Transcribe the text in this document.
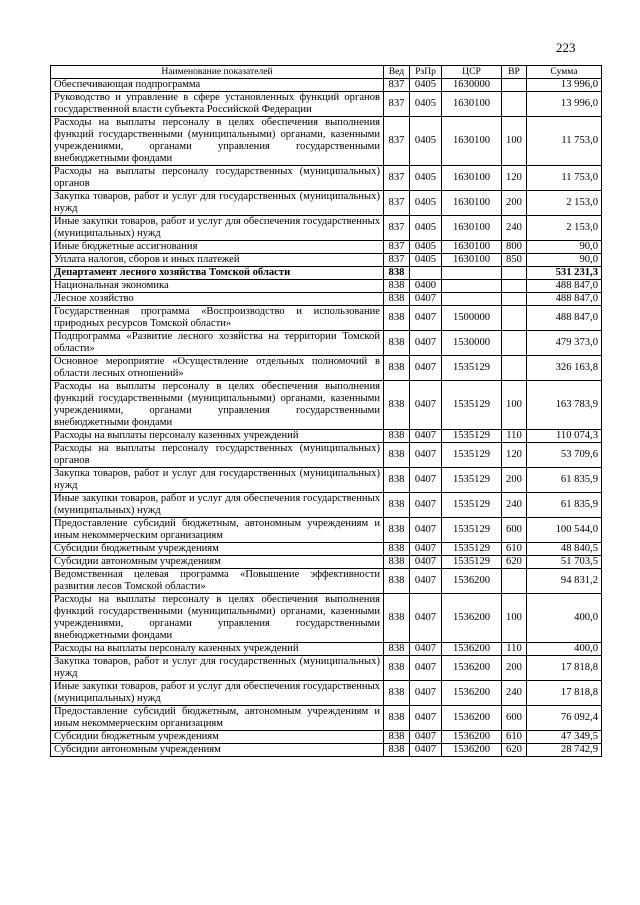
223
Наименование показателей	Вед	РзПр	ЦСР	ВР	Сумма
Обеспечивающая подпрограмма	837	0405	1630000		13 996,0
Руководство и управление в сфере установленных функций органов государственной власти субъекта Российской Федерации	837	0405	1630100		13 996,0
Расходы на выплаты персоналу в целях обеспечения выполнения функций государственными (муниципальными) органами, казенными учреждениями, органами управления государственными внебюджетными фондами	837	0405	1630100	100	11 753,0
Расходы на выплаты персоналу государственных (муниципальных) органов	837	0405	1630100	120	11 753,0
Закупка товаров, работ и услуг для государственных (муниципальных) нужд	837	0405	1630100	200	2 153,0
Иные закупки товаров, работ и услуг для обеспечения государственных (муниципальных) нужд	837	0405	1630100	240	2 153,0
Иные бюджетные ассигнования	837	0405	1630100	800	90,0
Уплата налогов, сборов и иных платежей	837	0405	1630100	850	90,0
Департамент лесного хозяйства Томской области	838				531 231,3
Национальная экономика	838	0400			488 847,0
Лесное хозяйство	838	0407			488 847,0
Государственная программа «Воспроизводство и использование природных ресурсов Томской области»	838	0407	1500000		488 847,0
Подпрограмма «Развитие лесного хозяйства на территории Томской области»	838	0407	1530000		479 373,0
Основное мероприятие «Осуществление отдельных полномочий в области лесных отношений»	838	0407	1535129		326 163,8
Расходы на выплаты персоналу в целях обеспечения выполнения функций государственными (муниципальными) органами, казенными учреждениями, органами управления государственными внебюджетными фондами	838	0407	1535129	100	163 783,9
Расходы на выплаты персоналу казенных учреждений	838	0407	1535129	110	110 074,3
Расходы на выплаты персоналу государственных (муниципальных) органов	838	0407	1535129	120	53 709,6
Закупка товаров, работ и услуг для государственных (муниципальных) нужд	838	0407	1535129	200	61 835,9
Иные закупки товаров, работ и услуг для обеспечения государственных (муниципальных) нужд	838	0407	1535129	240	61 835,9
Предоставление субсидий бюджетным, автономным учреждениям и иным некоммерческим организациям	838	0407	1535129	600	100 544,0
Субсидии бюджетным учреждениям	838	0407	1535129	610	48 840,5
Субсидии автономным учреждениям	838	0407	1535129	620	51 703,5
Ведомственная целевая программа «Повышение эффективности развития лесов Томской области»	838	0407	1536200		94 831,2
Расходы на выплаты персоналу в целях обеспечения выполнения функций государственными (муниципальными) органами, казенными учреждениями, органами управления государственными внебюджетными фондами	838	0407	1536200	100	400,0
Расходы на выплаты персоналу казенных учреждений	838	0407	1536200	110	400,0
Закупка товаров, работ и услуг для государственных (муниципальных) нужд	838	0407	1536200	200	17 818,8
Иные закупки товаров, работ и услуг для обеспечения государственных (муниципальных) нужд	838	0407	1536200	240	17 818,8
Предоставление субсидий бюджетным, автономным учреждениям и иным некоммерческим организациям	838	0407	1536200	600	76 092,4
Субсидии бюджетным учреждениям	838	0407	1536200	610	47 349,5
Субсидии автономным учреждениям	838	0407	1536200	620	28 742,9
